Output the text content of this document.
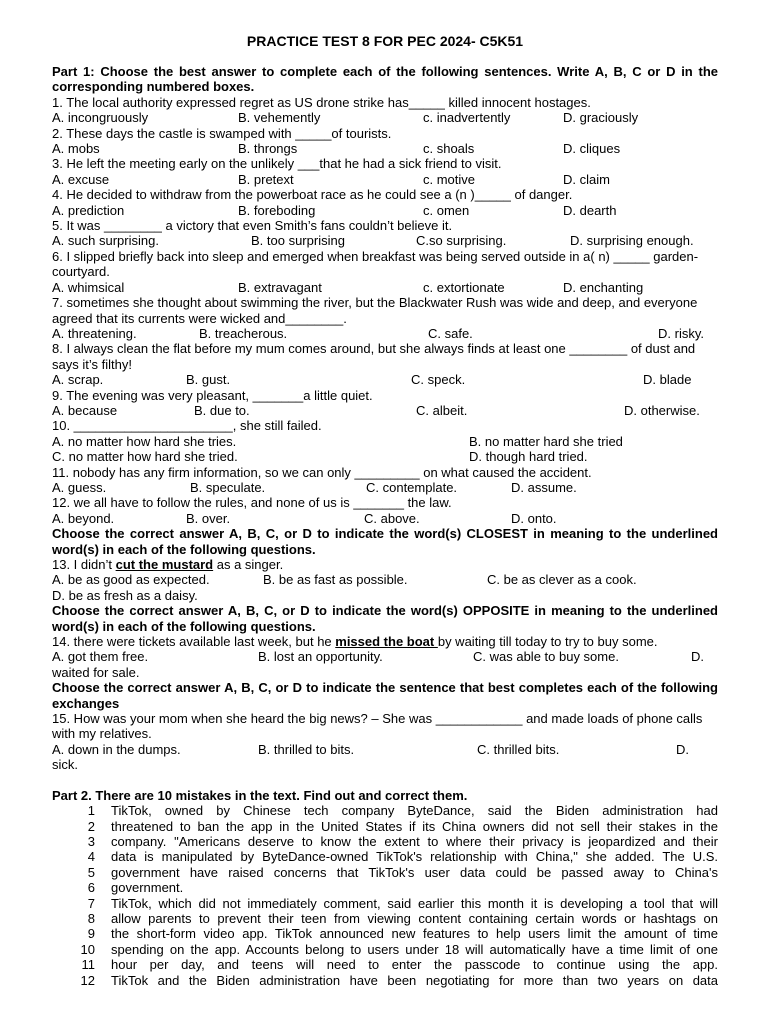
PRACTICE TEST 8 FOR PEC 2024- C5K51

Part 1: Choose the best answer to complete each of the following sentences. Write A, B, C or D in the corresponding numbered boxes.

1. The local authority expressed regret as US drone strike has_____ killed innocent hostages.

A. incongruously	B. vehemently	c. inadvertently	D. graciously

2. These days the castle is swamped with _____of tourists.

A. mobs	B. throngs	c. shoals	D. cliques

3. He left the meeting early on the unlikely ___that he had a sick friend to visit.

A. excuse	B. pretext	c. motive	D. claim

4. He decided to withdraw from the powerboat race as he could see a (n )_____ of danger.

A. prediction	B. foreboding	c. omen	D. dearth

5. It was ________ a victory that even Smith’s fans couldn’t believe it.

A. such surprising.	B. too surprising	C.so surprising.	D. surprising enough.

6. I slipped briefly back into sleep and emerged when breakfast was being served outside in a( n) _____ garden-courtyard.

A. whimsical	B. extravagant	c. extortionate	D. enchanting

7. sometimes she thought about swimming the river, but the Blackwater Rush was wide and deep, and everyone agreed that its currents were wicked and________.

A. threatening.	B. treacherous.	C. safe.	D. risky.

8. I always clean the flat before my mum comes around, but she always finds at least one ________ of dust and says it’s filthy!

A. scrap.	B. gust.	C. speck.	D. blade

9. The evening was very pleasant, _______a little quiet.

A. because	B. due to.	C. albeit.	D. otherwise.

10. ______________________, she still failed.

A. no matter how hard she tries.	B. no matter hard she tried
C. no matter how hard she tried.	D. though hard tried.

11. nobody has any firm information, so we can only _________ on what caused the accident.

A. guess.	B. speculate.	C. contemplate.	D. assume.

12. we all have to follow the rules, and none of us is _______ the law.

A. beyond.	B. over.	C. above.	D. onto.

Choose the correct answer A, B, C, or D to indicate the word(s) CLOSEST in meaning to the underlined word(s) in each of the following questions.

13. I didn’t cut the mustard as a singer.

A. be as good as expected.	B. be as fast as possible.	C. be as clever as a cook.
D. be as fresh as a daisy.

Choose the correct answer A, B, C, or D to indicate the word(s) OPPOSITE in meaning to the underlined word(s) in each of the following questions.

14. there were tickets available last week, but he missed the boat by waiting till today to try to buy some.

A. got them free.	B. lost an opportunity.	C. was able to buy some.	D.
waited for sale.

Choose the correct answer A, B, C, or D to indicate the sentence that best completes each of the following exchanges

15. How was your mom when she heard the big news? – She was ____________ and made loads of phone calls with my relatives.

A. down in the dumps.	B. thrilled to bits.	C. thrilled bits.	D.
sick.

Part 2. There are 10 mistakes in the text. Find out and correct them.

1 TikTok, owned by Chinese tech company ByteDance, said the Biden administration had
2 threatened to ban the app in the United States if its China owners did not sell their stakes in the
3 company. "Americans deserve to know the extent to where their privacy is jeopardized and their
4 data is manipulated by ByteDance-owned TikTok's relationship with China," she added. The U.S.
5 government have raised concerns that TikTok's user data could be passed away to China's
6 government.
7 TikTok, which did not immediately comment, said earlier this month it is developing a tool that will
8 allow parents to prevent their teen from viewing content containing certain words or hashtags on
9 the short-form video app. TikTok announced new features to help users limit the amount of time
10 spending on the app. Accounts belong to users under 18 will automatically have a time limit of one
11 hour per day, and teens will need to enter the passcode to continue using the app.
12 TikTok and the Biden administration have been negotiating for more than two years on data
